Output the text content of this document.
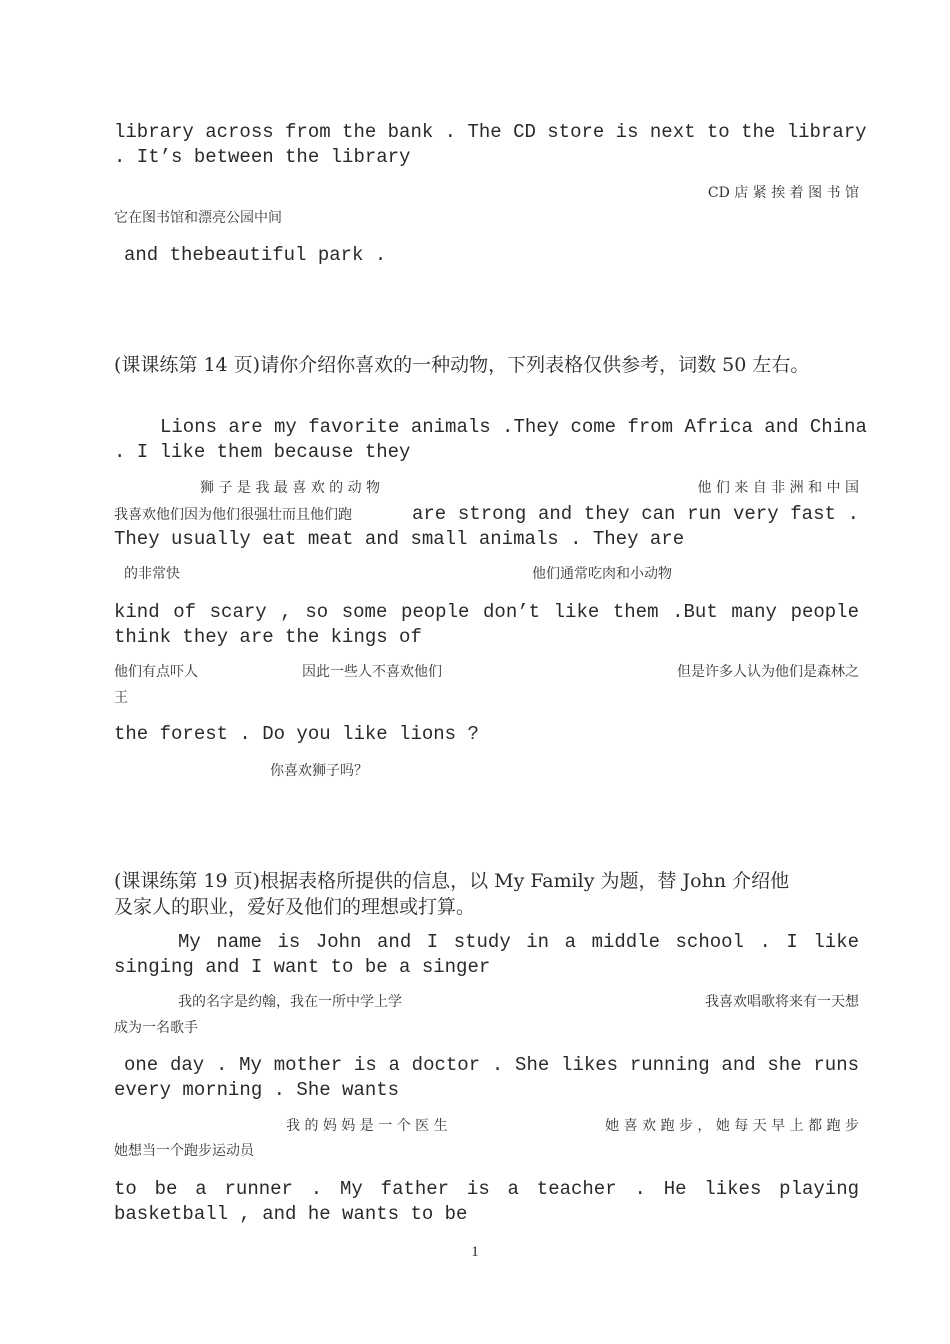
library across from the bank . The CD store is next to the library
. It’s between the library
CD 店 紧 挨 着 图 书 馆
它在图书馆和漂亮公园中间
and thebeautiful park .
(课课练第 14 页)请你介绍你喜欢的一种动物，下列表格仅供参考，词数 50 左右。
Lions are my favorite animals .They come from Africa and China
. I like them because they
狮 子 是 我 最 喜 欢 的 动 物	他 们 来 自 非 洲 和 中 国
我喜欢他们因为他们很强壮而且他们跑	are strong and they can run very fast .
They usually eat meat and small animals . They are
的非常快	他们通常吃肉和小动物
kind of scary , so some people don’t like them .But many people
think they are the kings of
他们有点吓人	因此一些人不喜欢他们	但是许多人认为他们是森林之
王
the forest . Do you like lions ?
你喜欢狮子吗？
(课课练第 19 页)根据表格所提供的信息，以 My Family 为题，替 John 介绍他
及家人的职业，爱好及他们的理想或打算。
My name is John and I study in a middle school . I like
singing and I want to be a singer
我的名字是约翰，我在一所中学上学	我喜欢唱歌将来有一天想
成为一名歌手
one day . My mother is a doctor . She likes running and she runs
every morning . She wants
我 的 妈 妈 是 一 个 医 生	她 喜 欢 跑 步 ， 她 每 天 早 上 都 跑 步
她想当一个跑步运动员
to be a runner . My father is a teacher . He likes playing
basketball , and he wants to be
1
